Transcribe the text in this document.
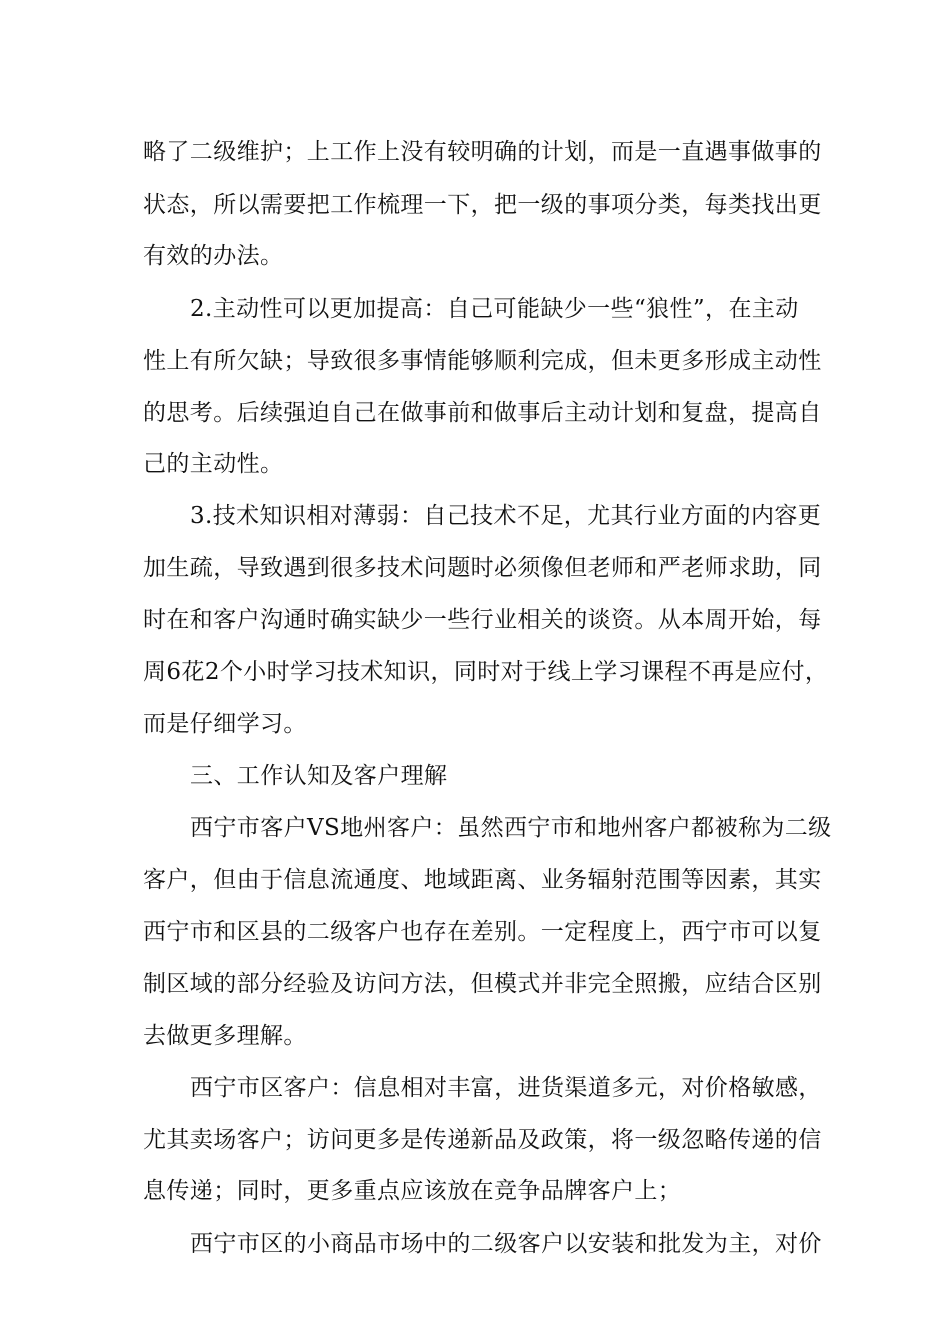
略了二级维护；上工作上没有较明确的计划，而是一直遇事做事的
状态，所以需要把工作梳理一下，把一级的事项分类，每类找出更
有效的办法。
2.主动性可以更加提高：自己可能缺少一些“狼性”，在主动
性上有所欠缺；导致很多事情能够顺利完成，但未更多形成主动性
的思考。后续强迫自己在做事前和做事后主动计划和复盘，提高自
己的主动性。
3.技术知识相对薄弱：自己技术不足，尤其行业方面的内容更
加生疏，导致遇到很多技术问题时必须像但老师和严老师求助，同
时在和客户沟通时确实缺少一些行业相关的谈资。从本周开始，每
周6花2个小时学习技术知识，同时对于线上学习课程不再是应付，
而是仔细学习。
三、工作认知及客户理解
西宁市客户VS地州客户：虽然西宁市和地州客户都被称为二级
客户，但由于信息流通度、地域距离、业务辐射范围等因素，其实
西宁市和区县的二级客户也存在差别。一定程度上，西宁市可以复
制区域的部分经验及访问方法，但模式并非完全照搬，应结合区别
去做更多理解。
西宁市区客户：信息相对丰富，进货渠道多元，对价格敏感，
尤其卖场客户；访问更多是传递新品及政策，将一级忽略传递的信
息传递；同时，更多重点应该放在竞争品牌客户上；
西宁市区的小商品市场中的二级客户以安装和批发为主，对价
